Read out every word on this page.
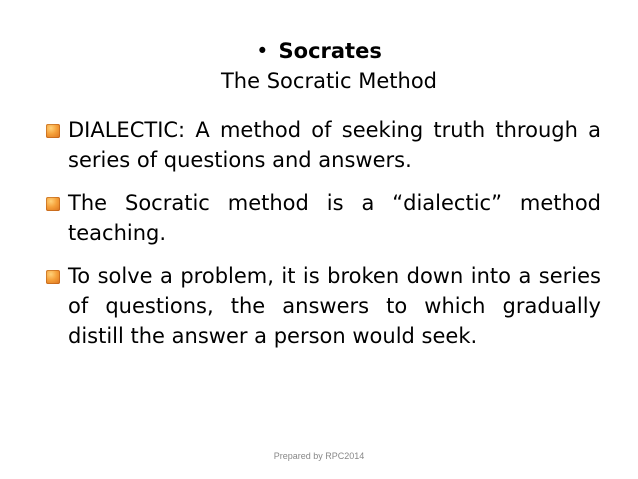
• Socrates
The Socratic Method
DIALECTIC: A method of seeking truth through a series of questions and answers.
The Socratic method is a “dialectic” method teaching.
To solve a problem, it is broken down into a series of questions, the answers to which gradually distill the answer a person would seek.
Prepared by RPC2014
